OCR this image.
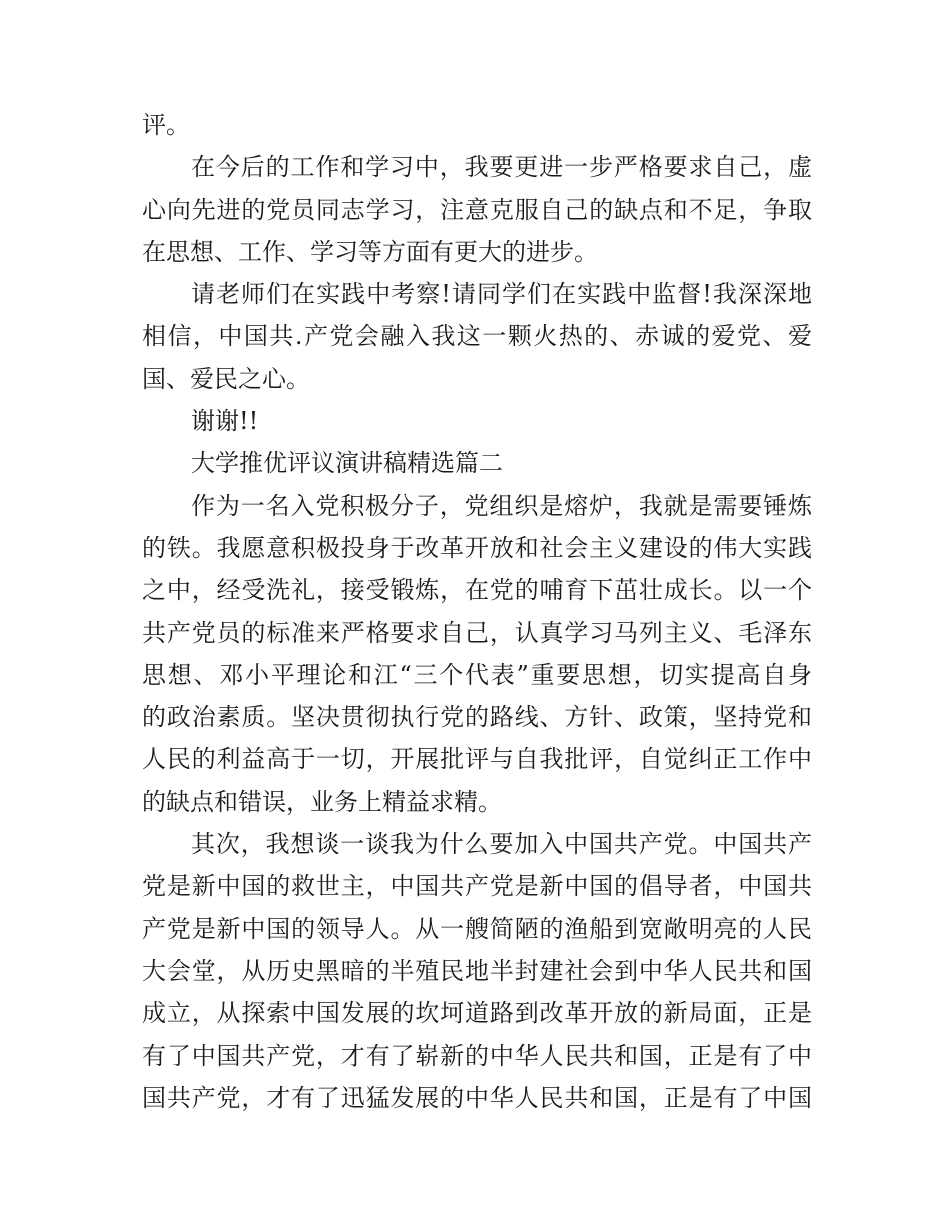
评。
在今后的工作和学习中，我要更进一步严格要求自己，虚
心向先进的党员同志学习，注意克服自己的缺点和不足，争取
在思想、工作、学习等方面有更大的进步。
请老师们在实践中考察!请同学们在实践中监督!我深深地
相信，中国共.产党会融入我这一颗火热的、赤诚的爱党、爱
国、爱民之心。
谢谢!!
大学推优评议演讲稿精选篇二
作为一名入党积极分子，党组织是熔炉，我就是需要锤炼
的铁。我愿意积极投身于改革开放和社会主义建设的伟大实践
之中，经受洗礼，接受锻炼，在党的哺育下茁壮成长。以一个
共产党员的标准来严格要求自己，认真学习马列主义、毛泽东
思想、邓小平理论和江“三个代表”重要思想，切实提高自身
的政治素质。坚决贯彻执行党的路线、方针、政策，坚持党和
人民的利益高于一切，开展批评与自我批评，自觉纠正工作中
的缺点和错误，业务上精益求精。
其次，我想谈一谈我为什么要加入中国共产党。中国共产
党是新中国的救世主，中国共产党是新中国的倡导者，中国共
产党是新中国的领导人。从一艘简陋的渔船到宽敞明亮的人民
大会堂，从历史黑暗的半殖民地半封建社会到中华人民共和国
成立，从探索中国发展的坎坷道路到改革开放的新局面，正是
有了中国共产党，才有了崭新的中华人民共和国，正是有了中
国共产党，才有了迅猛发展的中华人民共和国，正是有了中国
